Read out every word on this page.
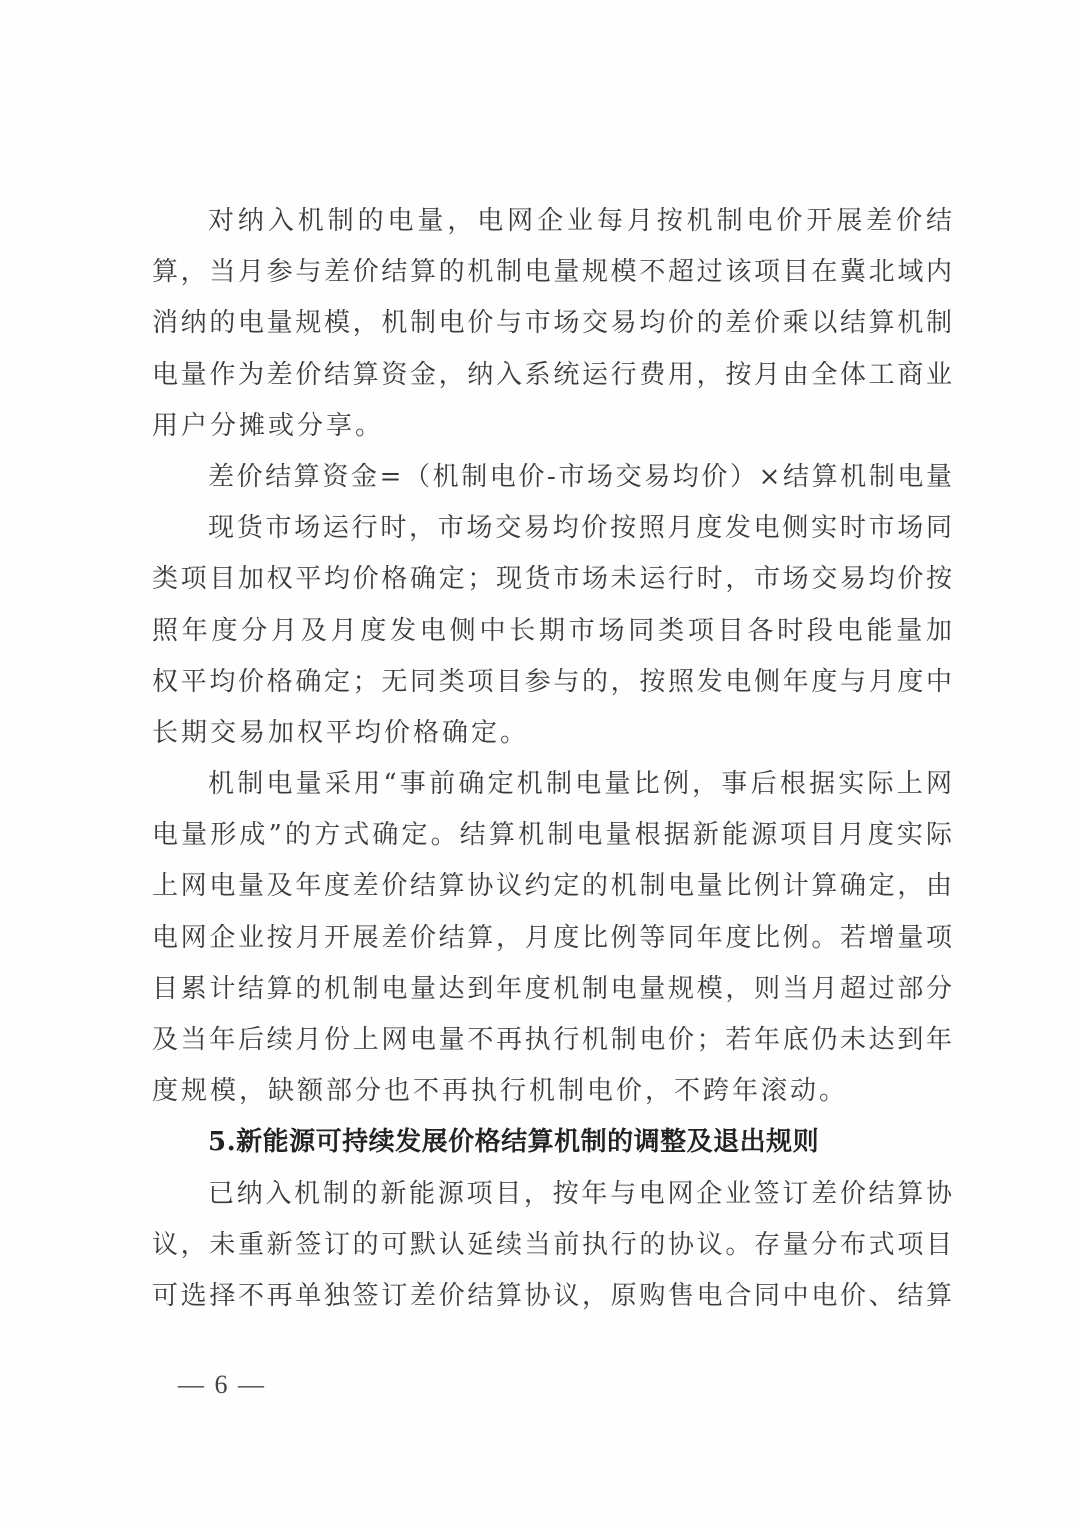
对纳入机制的电量，电网企业每月按机制电价开展差价结
算，当月参与差价结算的机制电量规模不超过该项目在冀北域内
消纳的电量规模，机制电价与市场交易均价的差价乘以结算机制
电量作为差价结算资金，纳入系统运行费用，按月由全体工商业
用户分摊或分享。
差价结算资金=（机制电价-市场交易均价）×结算机制电量
现货市场运行时，市场交易均价按照月度发电侧实时市场同
类项目加权平均价格确定；现货市场未运行时，市场交易均价按
照年度分月及月度发电侧中长期市场同类项目各时段电能量加
权平均价格确定；无同类项目参与的，按照发电侧年度与月度中
长期交易加权平均价格确定。
机制电量采用“事前确定机制电量比例，事后根据实际上网
电量形成”的方式确定。结算机制电量根据新能源项目月度实际
上网电量及年度差价结算协议约定的机制电量比例计算确定，由
电网企业按月开展差价结算，月度比例等同年度比例。若增量项
目累计结算的机制电量达到年度机制电量规模，则当月超过部分
及当年后续月份上网电量不再执行机制电价；若年底仍未达到年
度规模，缺额部分也不再执行机制电价，不跨年滚动。
5.新能源可持续发展价格结算机制的调整及退出规则
已纳入机制的新能源项目，按年与电网企业签订差价结算协
议，未重新签订的可默认延续当前执行的协议。存量分布式项目
可选择不再单独签订差价结算协议，原购售电合同中电价、结算
— 6 —
